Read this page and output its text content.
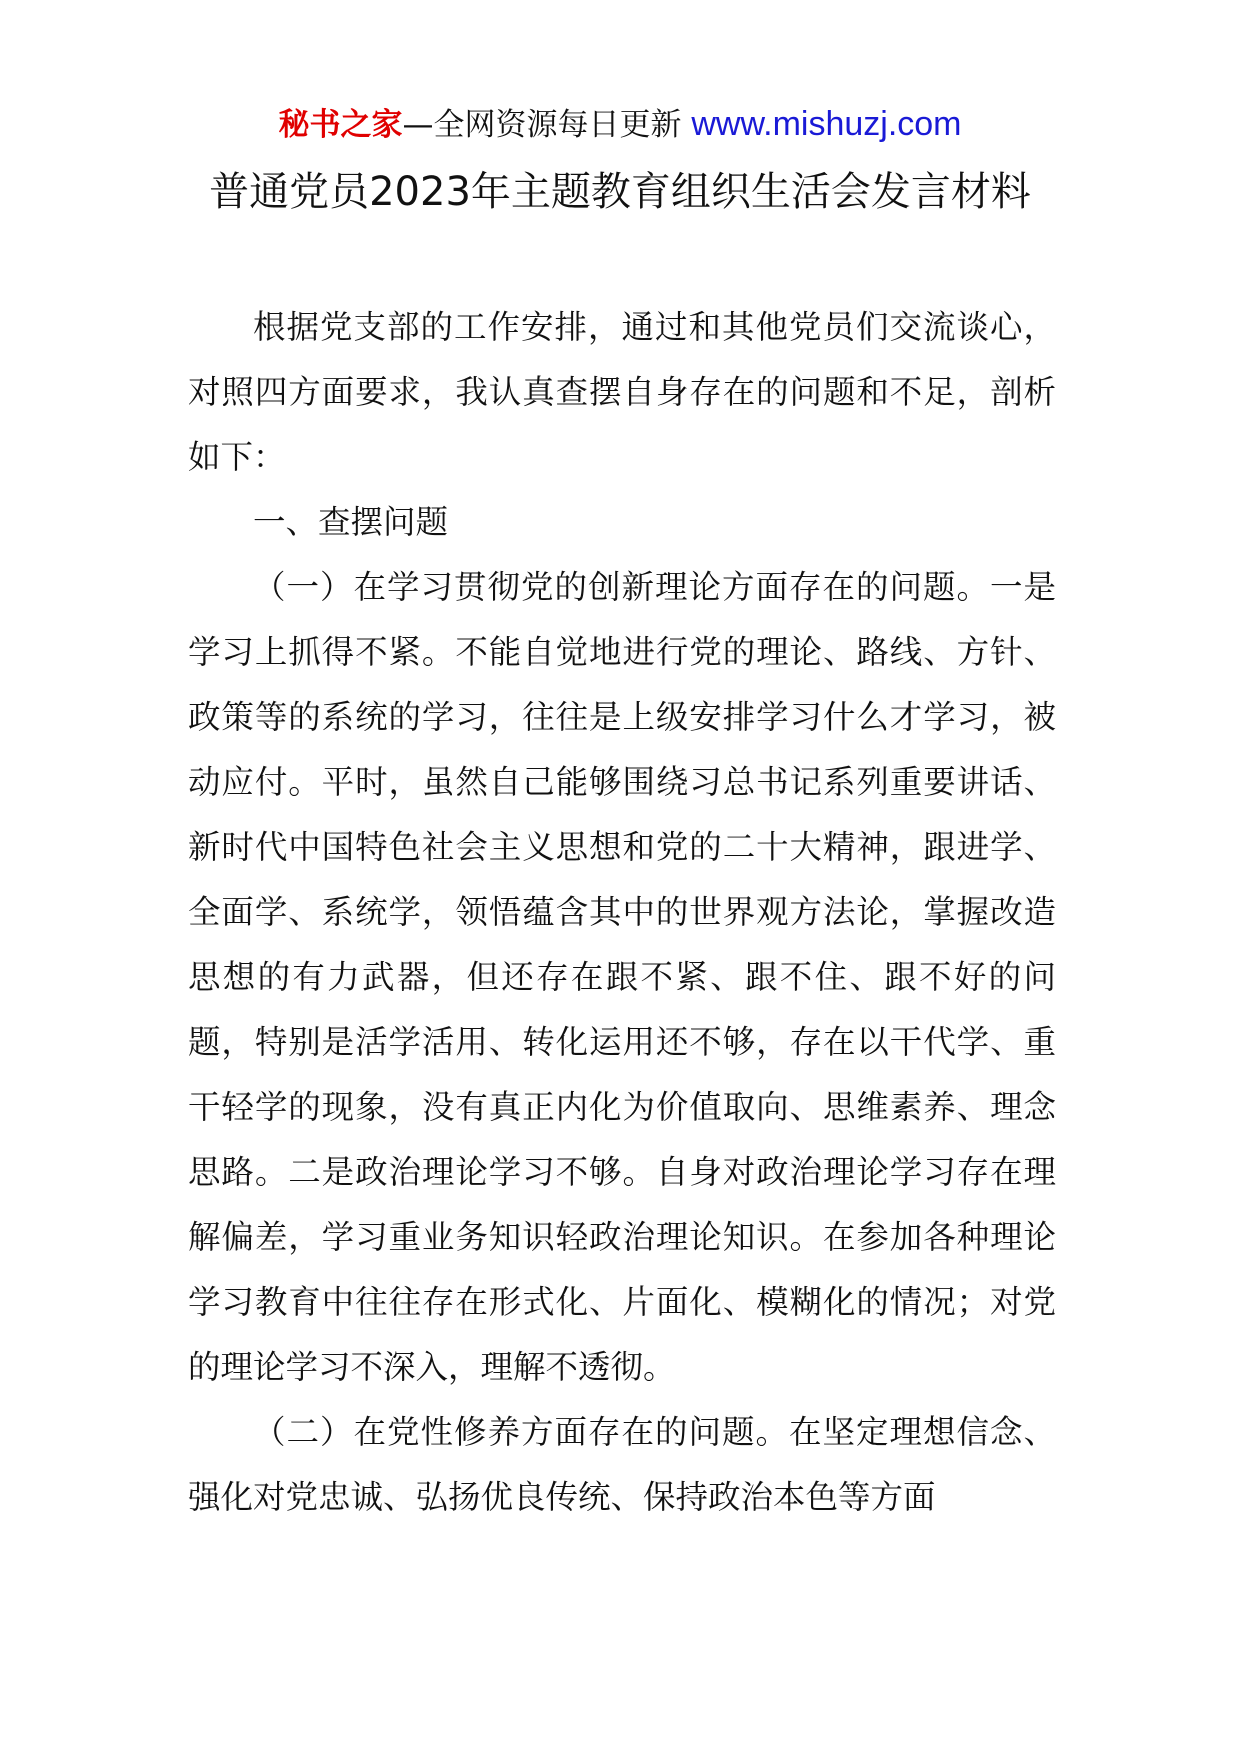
秘书之家—全网资源每日更新 www.mishuzj.com
普通党员2023年主题教育组织生活会发言材料

根据党支部的工作安排，通过和其他党员们交流谈心，对照四方面要求，我认真查摆自身存在的问题和不足，剖析如下：

一、查摆问题

（一）在学习贯彻党的创新理论方面存在的问题。一是学习上抓得不紧。不能自觉地进行党的理论、路线、方针、政策等的系统的学习，往往是上级安排学习什么才学习，被动应付。平时，虽然自己能够围绕习总书记系列重要讲话、新时代中国特色社会主义思想和党的二十大精神，跟进学、全面学、系统学，领悟蕴含其中的世界观方法论，掌握改造思想的有力武器，但还存在跟不紧、跟不住、跟不好的问题，特别是活学活用、转化运用还不够，存在以干代学、重干轻学的现象，没有真正内化为价值取向、思维素养、理念思路。二是政治理论学习不够。自身对政治理论学习存在理解偏差，学习重业务知识轻政治理论知识。在参加各种理论学习教育中往往存在形式化、片面化、模糊化的情况；对党的理论学习不深入，理解不透彻。

（二）在党性修养方面存在的问题。在坚定理想信念、强化对党忠诚、弘扬优良传统、保持政治本色等方面
